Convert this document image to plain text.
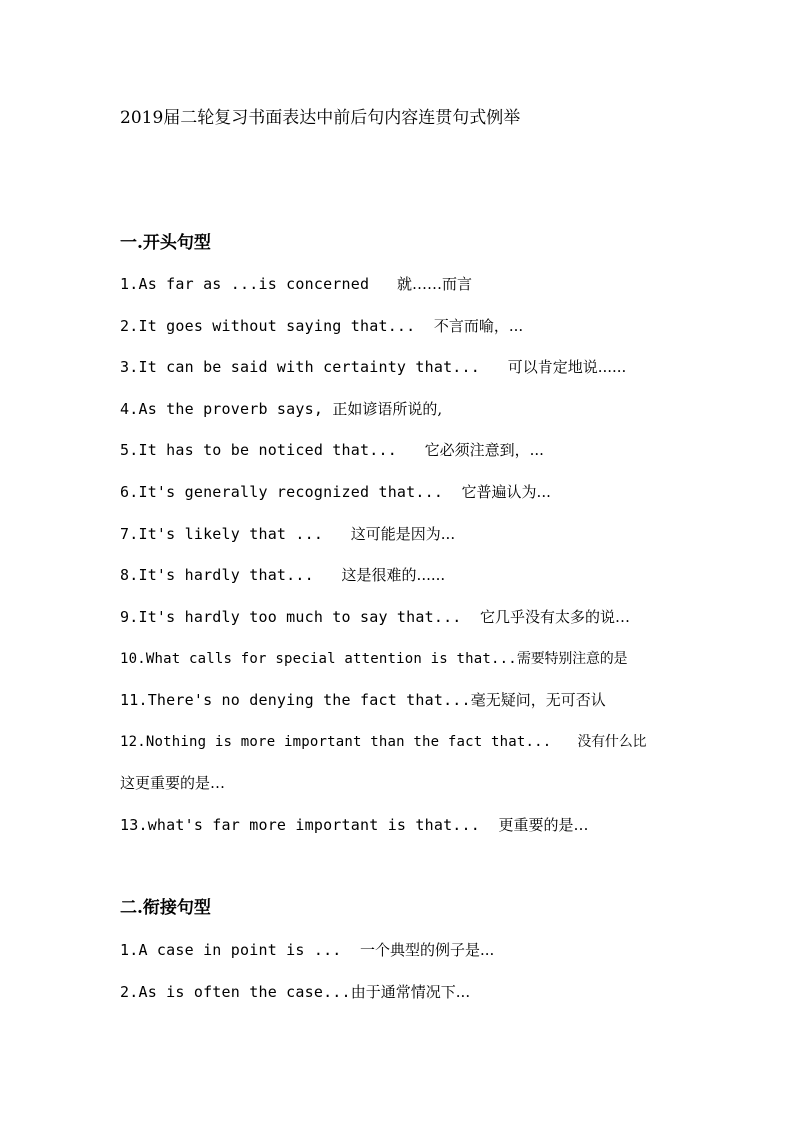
2019届二轮复习书面表达中前后句内容连贯句式例举
一.开头句型
1.As far as ...is concerned   就……而言
2.It goes without saying that...  不言而喻，...
3.It can be said with certainty that...   可以肯定地说......
4.As the proverb says, 正如谚语所说的,
5.It has to be noticed that...   它必须注意到，...
6.It's generally recognized that...  它普遍认为...
7.It's likely that ...   这可能是因为...
8.It's hardly that...   这是很难的......
9.It's hardly too much to say that...  它几乎没有太多的说…
10.What calls for special attention is that...需要特别注意的是
11.There's no denying the fact that...毫无疑问，无可否认
12.Nothing is more important than the fact that...   没有什么比
这更重要的是…
13.what's far more important is that...  更重要的是…
二.衔接句型
1.A case in point is ...  一个典型的例子是...
2.As is often the case...由于通常情况下...
